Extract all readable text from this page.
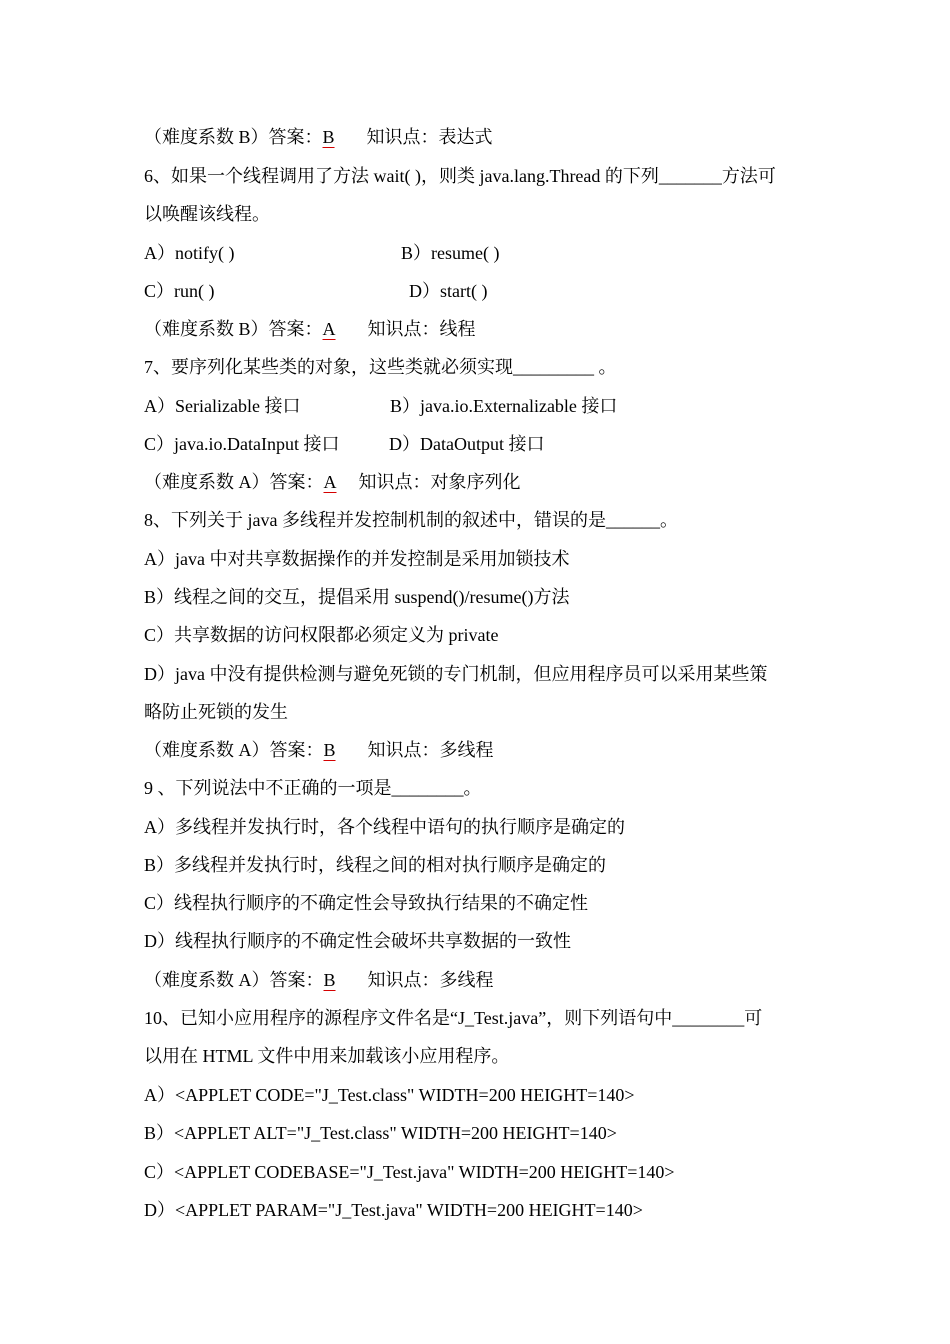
（难度系数 B）答案：B 知识点：表达式
6、如果一个线程调用了方法 wait( )，则类 java.lang.Thread 的下列_______方法可
以唤醒该线程。
A）notify( )	B）resume( )
C）run( )	D）start( )
（难度系数 B）答案：A 知识点：线程
7、要序列化某些类的对象，这些类就必须实现_________ 。
A）Serializable 接口	B）java.io.Externalizable 接口
C）java.io.DataInput 接口	D）DataOutput 接口
（难度系数 A）答案：A 知识点：对象序列化
8、下列关于 java 多线程并发控制机制的叙述中，错误的是______。
A）java 中对共享数据操作的并发控制是采用加锁技术
B）线程之间的交互，提倡采用 suspend()/resume()方法
C）共享数据的访问权限都必须定义为 private
D）java 中没有提供检测与避免死锁的专门机制，但应用程序员可以采用某些策
略防止死锁的发生
（难度系数 A）答案：B 知识点：多线程
9 、下列说法中不正确的一项是________。
A）多线程并发执行时，各个线程中语句的执行顺序是确定的
B）多线程并发执行时，线程之间的相对执行顺序是确定的
C）线程执行顺序的不确定性会导致执行结果的不确定性
D）线程执行顺序的不确定性会破坏共享数据的一致性
（难度系数 A）答案：B 知识点：多线程
10、已知小应用程序的源程序文件名是“J_Test.java”，则下列语句中________可
以用在 HTML 文件中用来加载该小应用程序。
A）<APPLET CODE="J_Test.class" WIDTH=200 HEIGHT=140>
B）<APPLET ALT="J_Test.class" WIDTH=200 HEIGHT=140>
C）<APPLET CODEBASE="J_Test.java" WIDTH=200 HEIGHT=140>
D）<APPLET PARAM="J_Test.java" WIDTH=200 HEIGHT=140>
